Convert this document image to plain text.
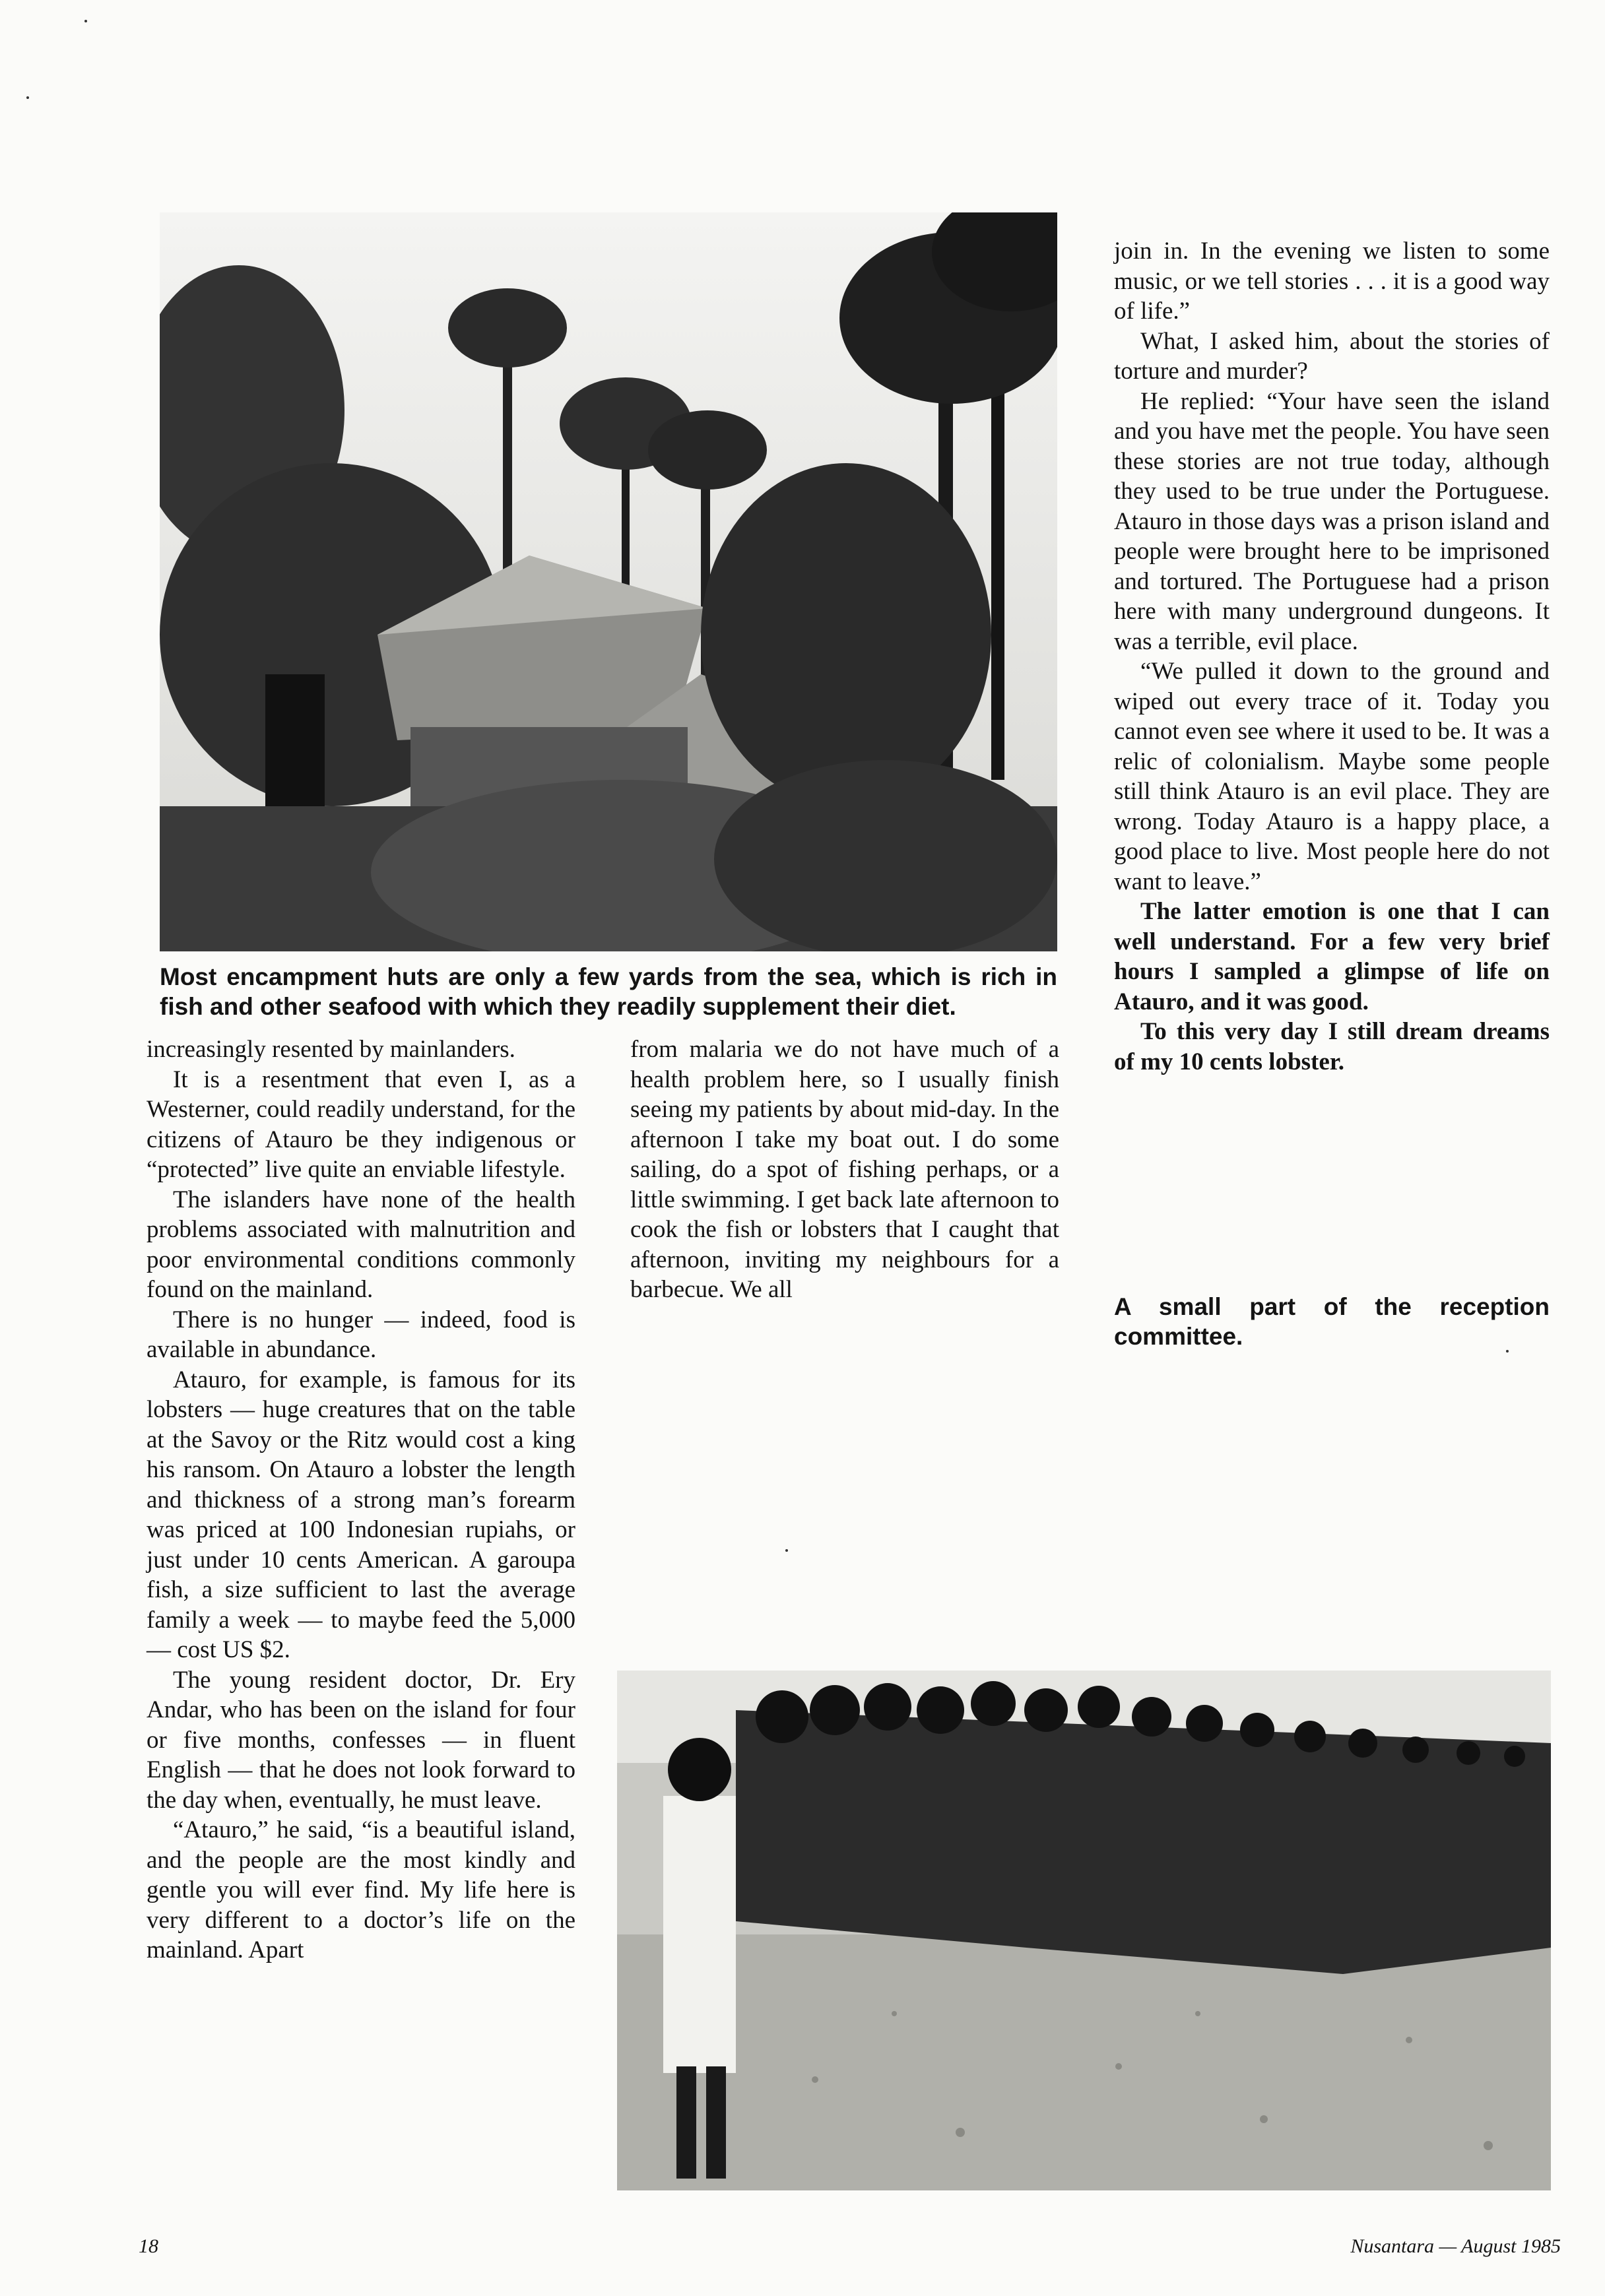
Most encampment huts are only a few yards from the sea, which is rich in fish and other seafood with which they readily supplement their diet.

increasingly resented by mainlanders.

It is a resentment that even I, as a Westerner, could readily understand, for the citizens of Atauro be they indigenous or “protected” live quite an enviable lifestyle.

The islanders have none of the health problems associated with malnutrition and poor environmental conditions commonly found on the mainland.

There is no hunger — indeed, food is available in abundance.

Atauro, for example, is famous for its lobsters — huge creatures that on the table at the Savoy or the Ritz would cost a king his ransom. On Atauro a lobster the length and thickness of a strong man’s forearm was priced at 100 Indonesian rupiahs, or just under 10 cents American. A garoupa fish, a size sufficient to last the average family a week — to maybe feed the 5,000 — cost US $2.

The young resident doctor, Dr. Ery Andar, who has been on the island for four or five months, confesses — in fluent English — that he does not look forward to the day when, eventually, he must leave.

“Atauro,” he said, “is a beautiful island, and the people are the most kindly and gentle you will ever find. My life here is very different to a doctor’s life on the mainland. Apart

from malaria we do not have much of a health problem here, so I usually finish seeing my patients by about mid-day. In the afternoon I take my boat out. I do some sailing, do a spot of fishing perhaps, or a little swimming. I get back late afternoon to cook the fish or lobsters that I caught that afternoon, inviting my neighbours for a barbecue. We all

join in. In the evening we listen to some music, or we tell stories . . . it is a good way of life.”

What, I asked him, about the stories of torture and murder?

He replied: “Your have seen the island and you have met the people. You have seen these stories are not true today, although they used to be true under the Portuguese. Atauro in those days was a prison island and people were brought here to be imprisoned and tortured. The Portuguese had a prison here with many underground dungeons. It was a terrible, evil place.

“We pulled it down to the ground and wiped out every trace of it. Today you cannot even see where it used to be. It was a relic of colonialism. Maybe some people still think Atauro is an evil place. They are wrong. Today Atauro is a happy place, a good place to live. Most people here do not want to leave.”

The latter emotion is one that I can well understand. For a few very brief hours I sampled a glimpse of life on Atauro, and it was good.

To this very day I still dream dreams of my 10 cents lobster.

A small part of the reception committee.
18	Nusantara — August 1985
